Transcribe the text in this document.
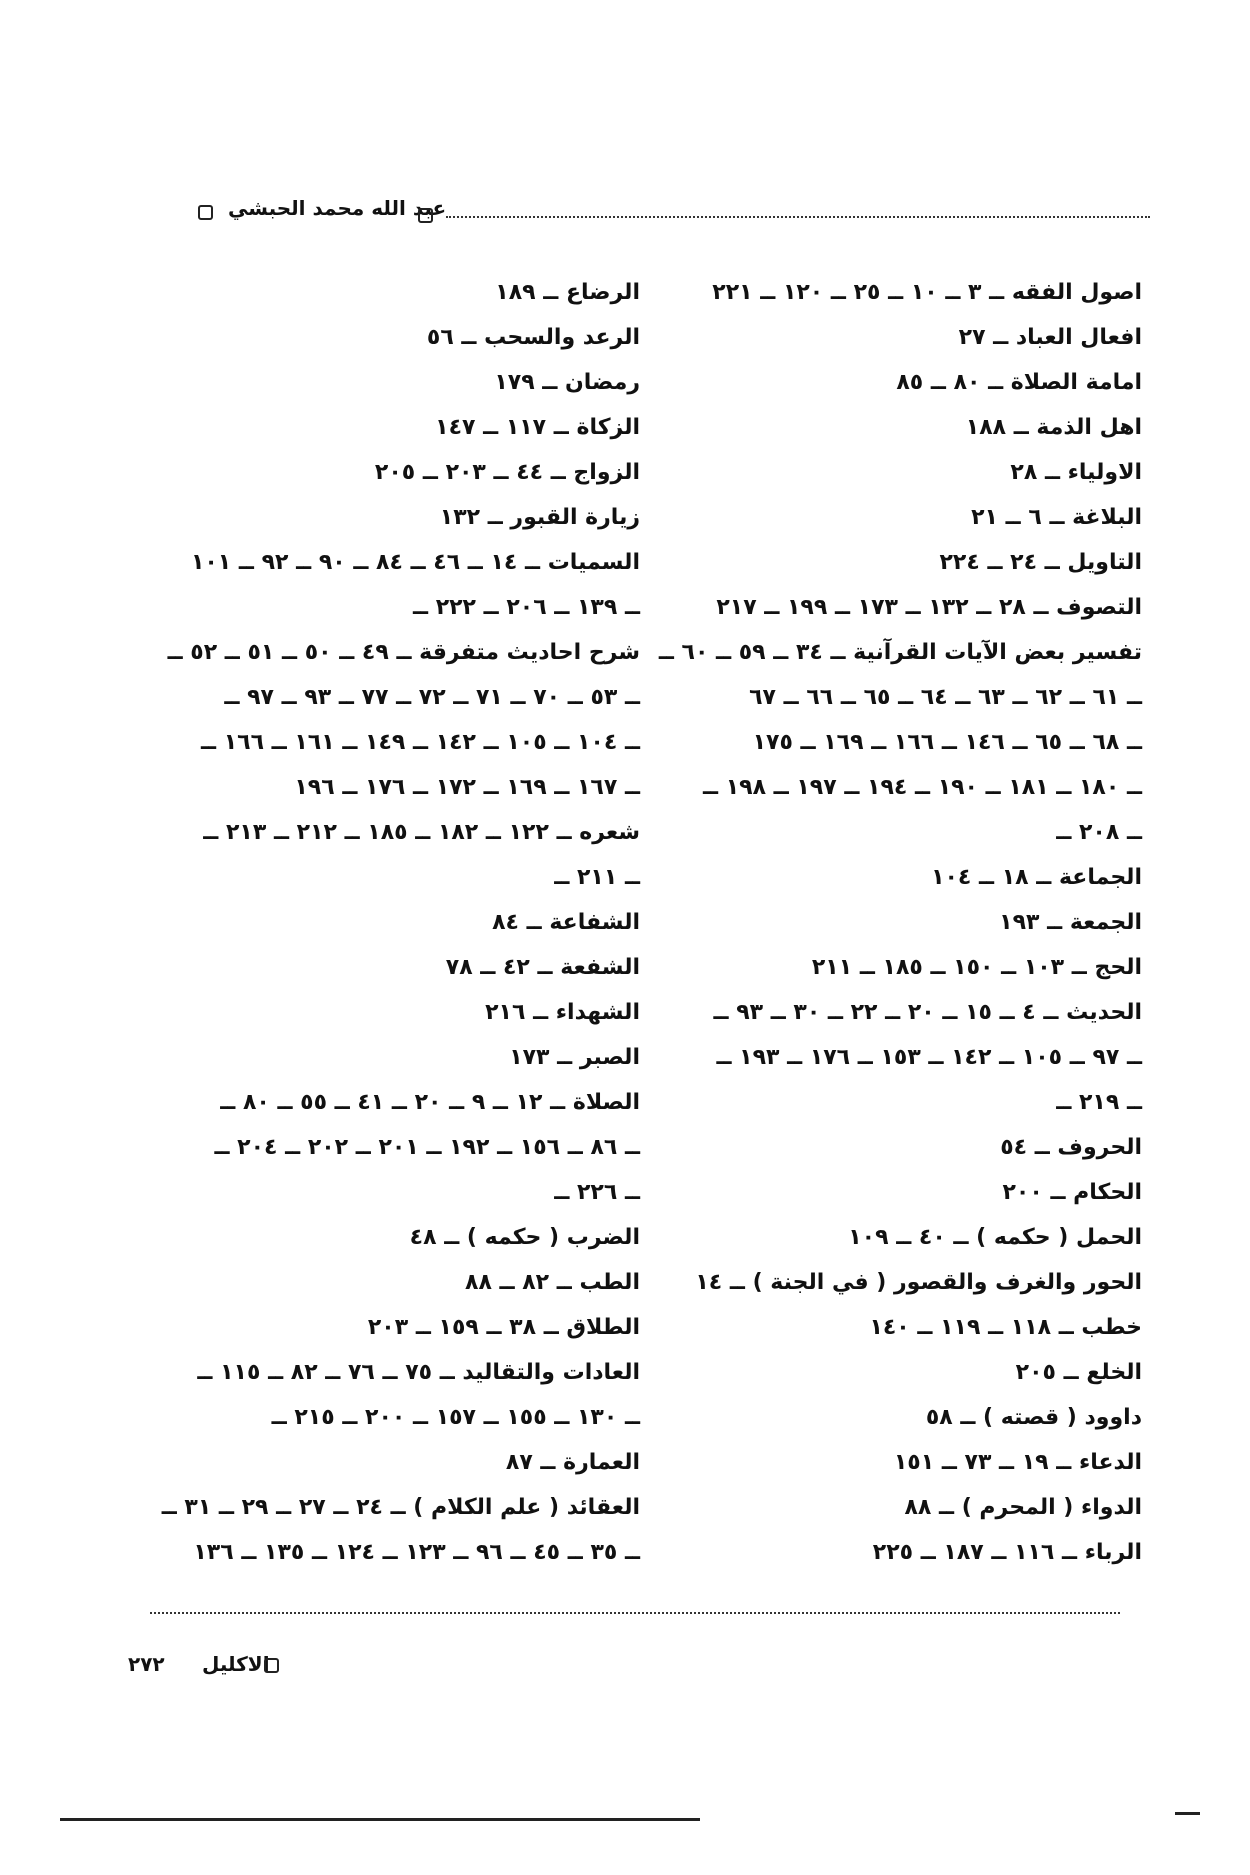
عبد الله محمد الحبشي
اصول الفقه ــ ٣ ــ ١٠ ــ ٢٥ ــ ١٢٠ ــ ٢٢١
افعال العباد ــ ٢٧
امامة الصلاة ــ ٨٠ ــ ٨٥
اهل الذمة ــ ١٨٨
الاولياء ــ ٢٨
البلاغة ــ ٦ ــ ٢١
التاويل ــ ٢٤ ــ ٢٢٤
التصوف ــ ٢٨ ــ ١٣٢ ــ ١٧٣ ــ ١٩٩ ــ ٢١٧
تفسير بعض الآيات القرآنية ــ ٣٤ ــ ٥٩ ــ ٦٠ ــ
ــ ٦١ ــ ٦٢ ــ ٦٣ ــ ٦٤ ــ ٦٥ ــ ٦٦ ــ ٦٧
ــ ٦٨ ــ ٦٥ ــ ١٤٦ ــ ١٦٦ ــ ١٦٩ ــ ١٧٥
ــ ١٨٠ ــ ١٨١ ــ ١٩٠ ــ ١٩٤ ــ ١٩٧ ــ ١٩٨ ــ
ــ ٢٠٨ ــ
الجماعة ــ ١٨ ــ ١٠٤
الجمعة ــ ١٩٣
الحج ــ ١٠٣ ــ ١٥٠ ــ ١٨٥ ــ ٢١١
الحديث ــ ٤ ــ ١٥ ــ ٢٠ ــ ٢٢ ــ ٣٠ ــ ٩٣ ــ
ــ ٩٧ ــ ١٠٥ ــ ١٤٢ ــ ١٥٣ ــ ١٧٦ ــ ١٩٣ ــ
ــ ٢١٩ ــ
الحروف ــ ٥٤
الحكام ــ ٢٠٠
الحمل ( حكمه ) ــ ٤٠ ــ ١٠٩
الحور والغرف والقصور ( في الجنة ) ــ ١٤
خطب ــ ١١٨ ــ ١١٩ ــ ١٤٠
الخلع ــ ٢٠٥
داوود ( قصته ) ــ ٥٨
الدعاء ــ ١٩ ــ ٧٣ ــ ١٥١
الدواء ( المحرم ) ــ ٨٨
الرباء ــ ١١٦ ــ ١٨٧ ــ ٢٢٥
الرضاع ــ ١٨٩
الرعد والسحب ــ ٥٦
رمضان ــ ١٧٩
الزكاة ــ ١١٧ ــ ١٤٧
الزواج ــ ٤٤ ــ ٢٠٣ ــ ٢٠٥
زيارة القبور ــ ١٣٢
السميات ــ ١٤ ــ ٤٦ ــ ٨٤ ــ ٩٠ ــ ٩٢ ــ ١٠١
ــ ١٣٩ ــ ٢٠٦ ــ ٢٢٢ ــ
شرح احاديث متفرقة ــ ٤٩ ــ ٥٠ ــ ٥١ ــ ٥٢ ــ
ــ ٥٣ ــ ٧٠ ــ ٧١ ــ ٧٢ ــ ٧٧ ــ ٩٣ ــ ٩٧ ــ
ــ ١٠٤ ــ ١٠٥ ــ ١٤٢ ــ ١٤٩ ــ ١٦١ ــ ١٦٦ ــ
ــ ١٦٧ ــ ١٦٩ ــ ١٧٢ ــ ١٧٦ ــ ١٩٦
شعره ــ ١٢٢ ــ ١٨٢ ــ ١٨٥ ــ ٢١٢ ــ ٢١٣ ــ
ــ ٢١١ ــ
الشفاعة ــ ٨٤
الشفعة ــ ٤٢ ــ ٧٨
الشهداء ــ ٢١٦
الصبر ــ ١٧٣
الصلاة ــ ١٢ ــ ٩ ــ ٢٠ ــ ٤١ ــ ٥٥ ــ ٨٠ ــ
ــ ٨٦ ــ ١٥٦ ــ ١٩٢ ــ ٢٠١ ــ ٢٠٢ ــ ٢٠٤ ــ
ــ ٢٢٦ ــ
الضرب ( حكمه ) ــ ٤٨
الطب ــ ٨٢ ــ ٨٨
الطلاق ــ ٣٨ ــ ١٥٩ ــ ٢٠٣
العادات والتقاليد ــ ٧٥ ــ ٧٦ ــ ٨٢ ــ ١١٥ ــ
ــ ١٣٠ ــ ١٥٥ ــ ١٥٧ ــ ٢٠٠ ــ ٢١٥ ــ
العمارة ــ ٨٧
العقائد ( علم الكلام ) ــ ٢٤ ــ ٢٧ ــ ٢٩ ــ ٣١ ــ
ــ ٣٥ ــ ٤٥ ــ ٩٦ ــ ١٢٣ ــ ١٢٤ ــ ١٣٥ ــ ١٣٦
٢٧٢ الاكليل
